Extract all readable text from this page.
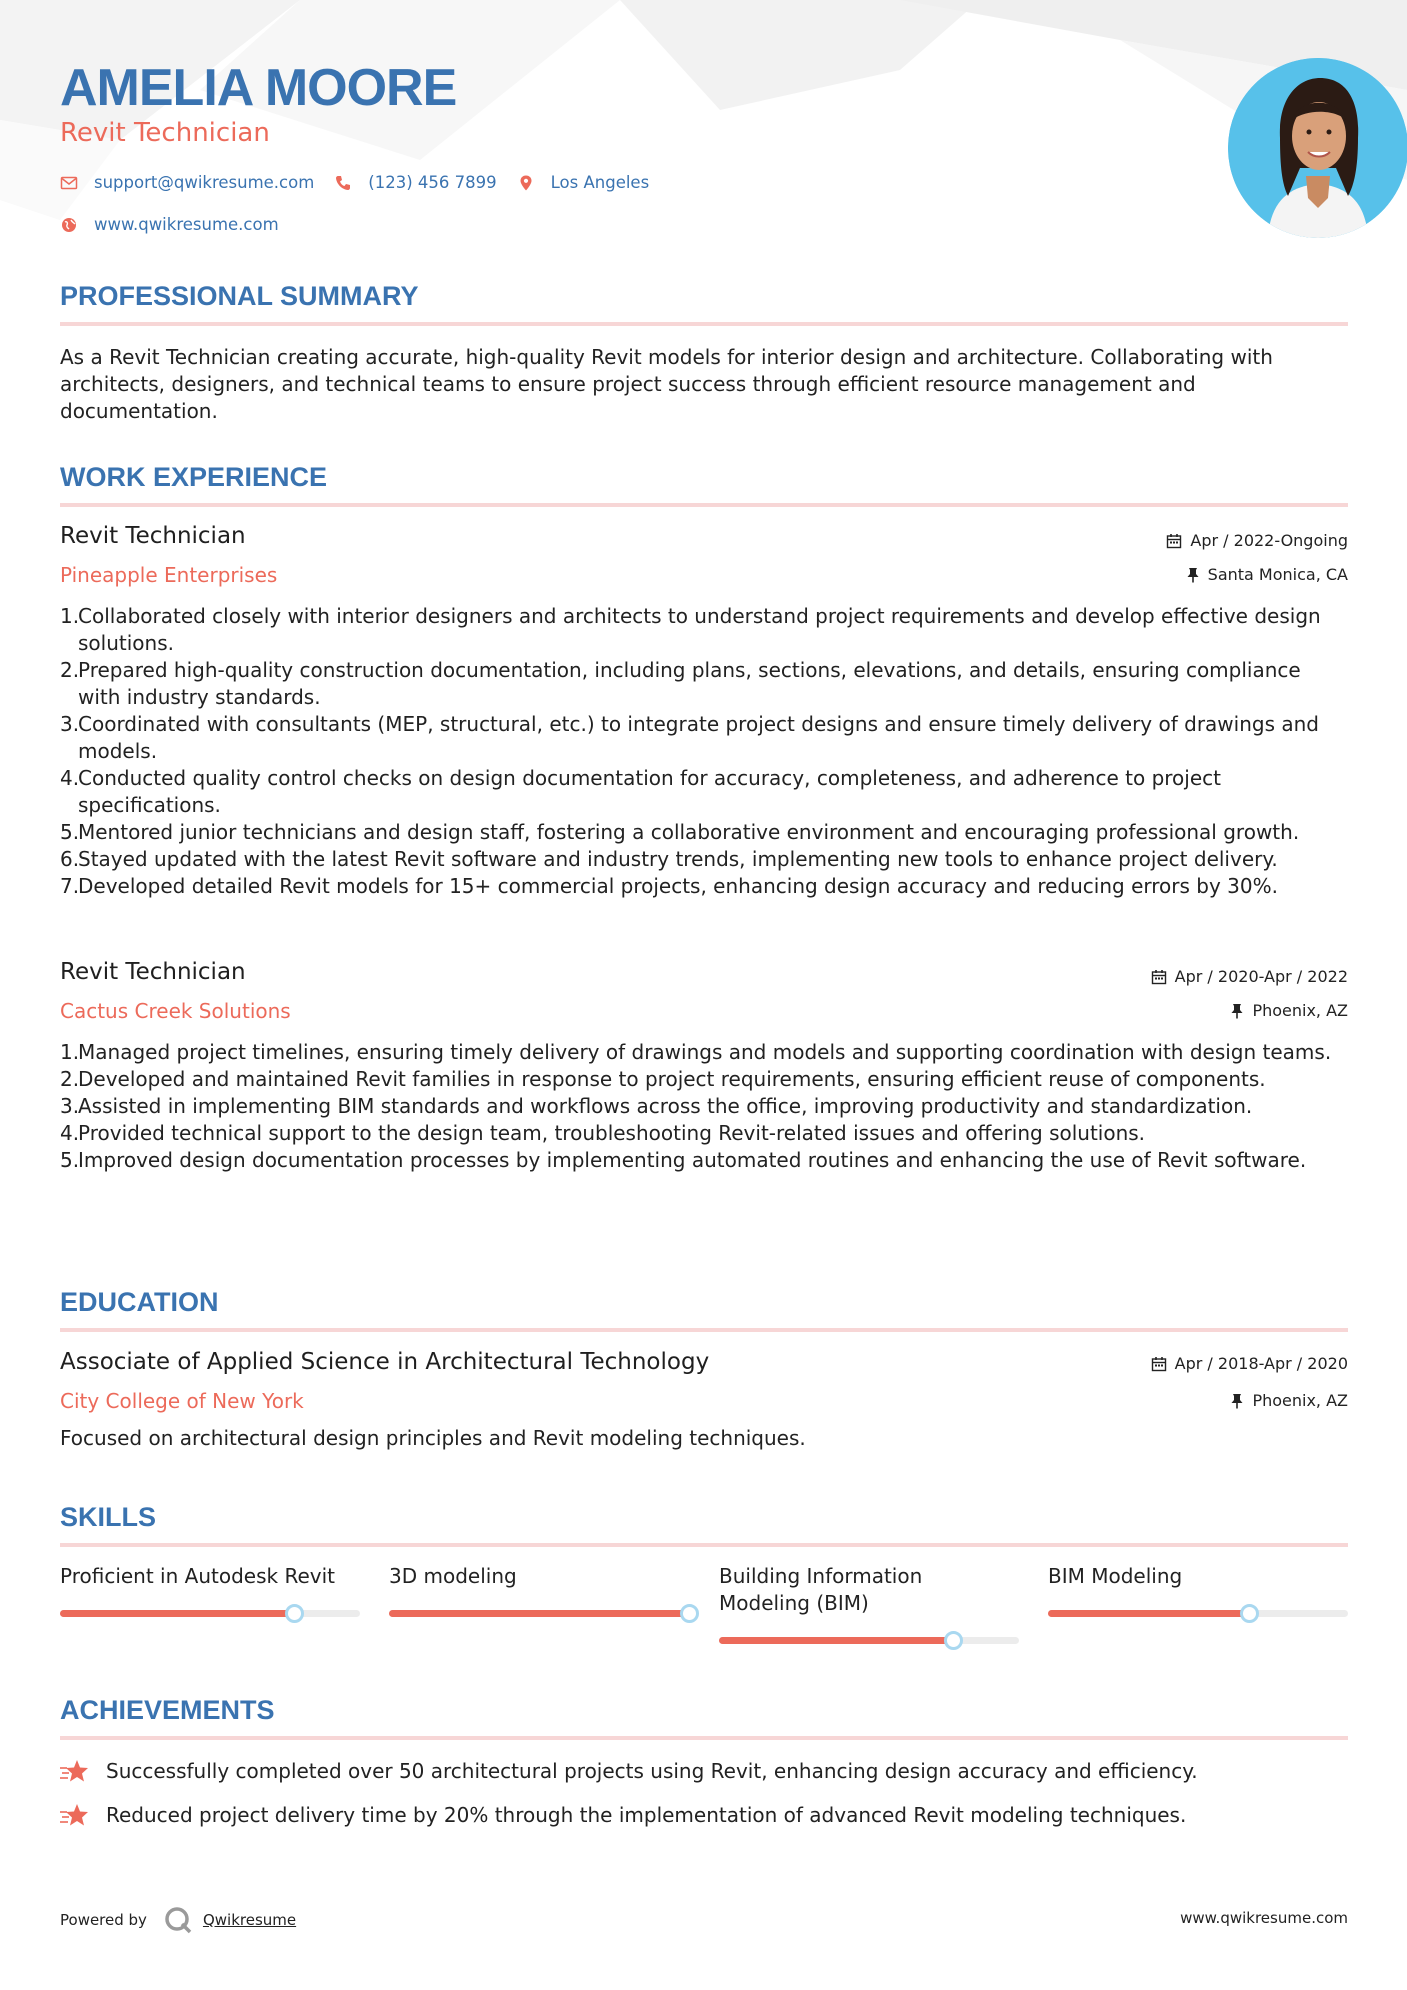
AMELIA MOORE
Revit Technician
support@qwikresume.com	(123) 456 7899	Los Angeles
www.qwikresume.com
PROFESSIONAL SUMMARY
As a Revit Technician creating accurate, high-quality Revit models for interior design and architecture. Collaborating with architects, designers, and technical teams to ensure project success through efficient resource management and documentation.
WORK EXPERIENCE
Revit Technician	Apr / 2022-Ongoing
Pineapple Enterprises	Santa Monica, CA
Collaborated closely with interior designers and architects to understand project requirements and develop effective design solutions.
Prepared high-quality construction documentation, including plans, sections, elevations, and details, ensuring compliance with industry standards.
Coordinated with consultants (MEP, structural, etc.) to integrate project designs and ensure timely delivery of drawings and models.
Conducted quality control checks on design documentation for accuracy, completeness, and adherence to project specifications.
Mentored junior technicians and design staff, fostering a collaborative environment and encouraging professional growth.
Stayed updated with the latest Revit software and industry trends, implementing new tools to enhance project delivery.
Developed detailed Revit models for 15+ commercial projects, enhancing design accuracy and reducing errors by 30%.
Revit Technician	Apr / 2020-Apr / 2022
Cactus Creek Solutions	Phoenix, AZ
Managed project timelines, ensuring timely delivery of drawings and models and supporting coordination with design teams.
Developed and maintained Revit families in response to project requirements, ensuring efficient reuse of components.
Assisted in implementing BIM standards and workflows across the office, improving productivity and standardization.
Provided technical support to the design team, troubleshooting Revit-related issues and offering solutions.
Improved design documentation processes by implementing automated routines and enhancing the use of Revit software.
EDUCATION
Associate of Applied Science in Architectural Technology	Apr / 2018-Apr / 2020
City College of New York	Phoenix, AZ
Focused on architectural design principles and Revit modeling techniques.
SKILLS
Proficient in Autodesk Revit	3D modeling	Building Information Modeling (BIM)
BIM Modeling
ACHIEVEMENTS
Successfully completed over 50 architectural projects using Revit, enhancing design accuracy and efficiency.
Reduced project delivery time by 20% through the implementation of advanced Revit modeling techniques.
Powered by	Qwikresume	www.qwikresume.com
